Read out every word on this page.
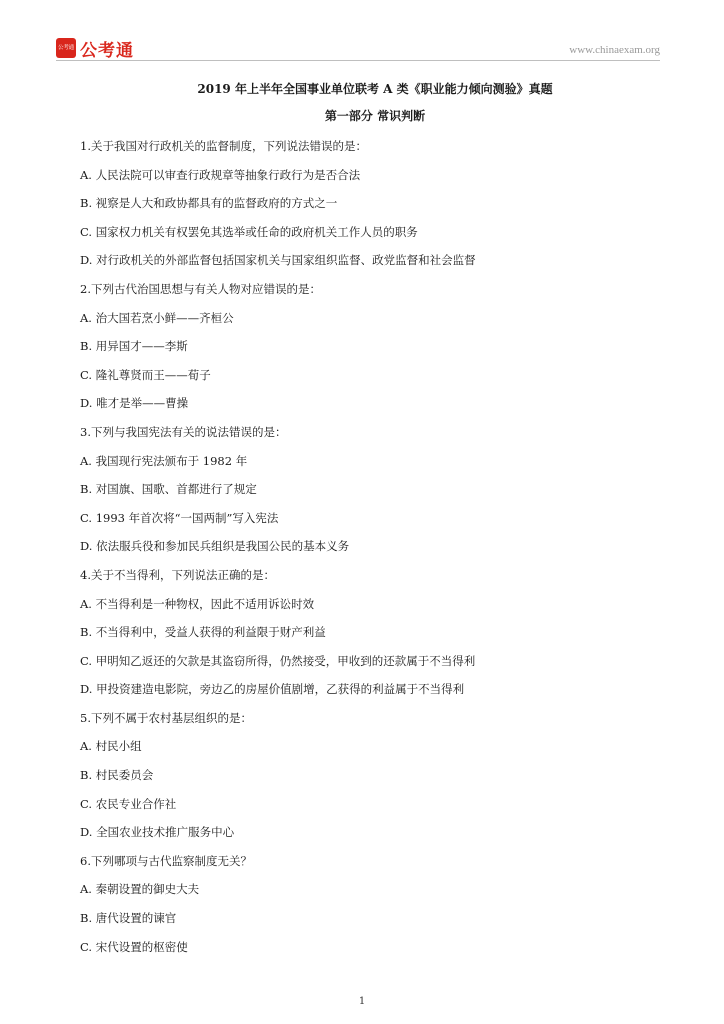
公考通 公考通	www.chinaexam.org
2019 年上半年全国事业单位联考 A 类《职业能力倾向测验》真题
第一部分 常识判断
1.关于我国对行政机关的监督制度，下列说法错误的是：
A. 人民法院可以审查行政规章等抽象行政行为是否合法
B. 视察是人大和政协都具有的监督政府的方式之一
C. 国家权力机关有权罢免其选举或任命的政府机关工作人员的职务
D. 对行政机关的外部监督包括国家机关与国家组织监督、政党监督和社会监督
2.下列古代治国思想与有关人物对应错误的是：
A. 治大国若烹小鲜——齐桓公
B. 用异国才——李斯
C. 隆礼尊贤而王——荀子
D. 唯才是举——曹操
3.下列与我国宪法有关的说法错误的是：
A. 我国现行宪法颁布于 1982 年
B. 对国旗、国歌、首都进行了规定
C. 1993 年首次将“一国两制”写入宪法
D. 依法服兵役和参加民兵组织是我国公民的基本义务
4.关于不当得利，下列说法正确的是：
A. 不当得利是一种物权，因此不适用诉讼时效
B. 不当得利中，受益人获得的利益限于财产利益
C. 甲明知乙返还的欠款是其盗窃所得，仍然接受，甲收到的还款属于不当得利
D. 甲投资建造电影院，旁边乙的房屋价值剧增，乙获得的利益属于不当得利
5.下列不属于农村基层组织的是：
A. 村民小组
B. 村民委员会
C. 农民专业合作社
D. 全国农业技术推广服务中心
6.下列哪项与古代监察制度无关？
A. 秦朝设置的御史大夫
B. 唐代设置的谏官
C. 宋代设置的枢密使
1
